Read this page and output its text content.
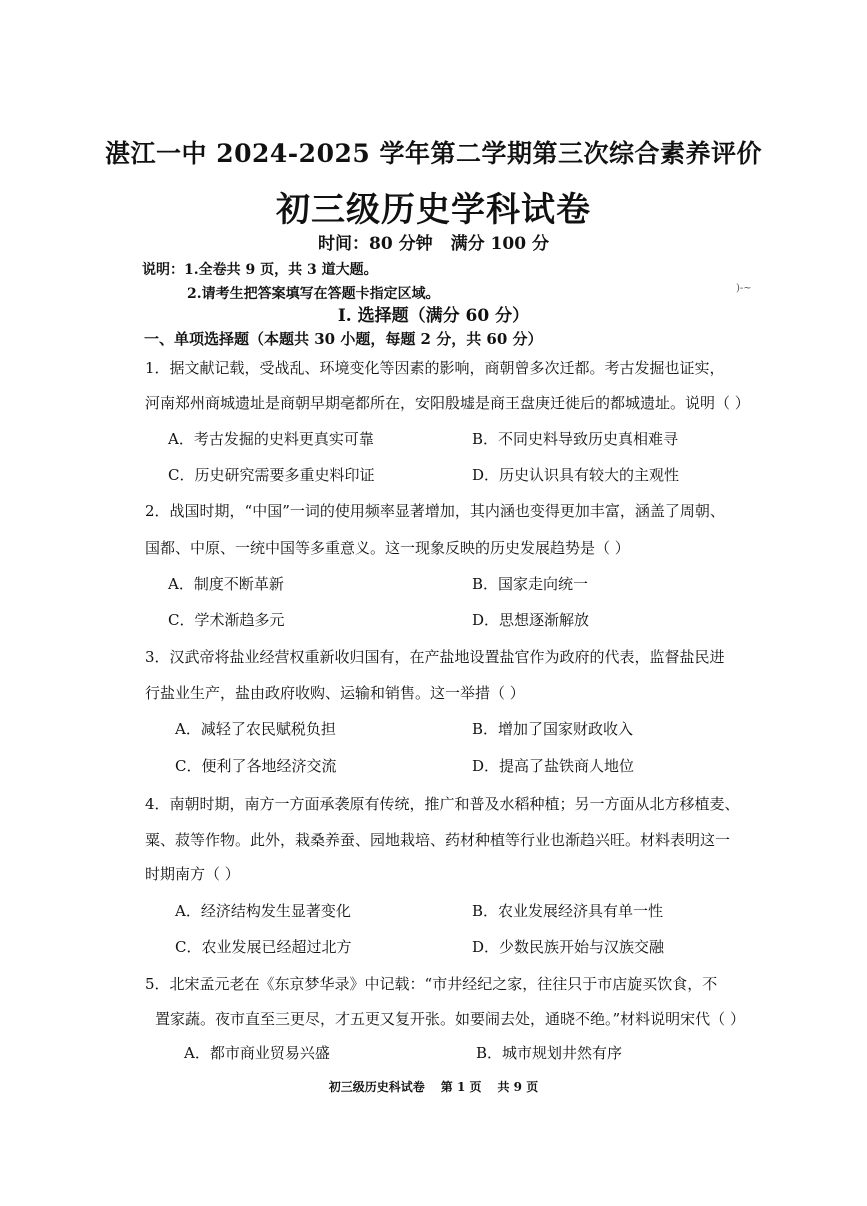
湛江一中 2024-2025 学年第二学期第三次综合素养评价
初三级历史学科试卷
时间：80 分钟 满分 100 分
说明：1.全卷共 9 页，共 3 道大题。
2.请考生把答案填写在答题卡指定区域。	)-~
I. 选择题（满分 60 分）
一、单项选择题（本题共 30 小题，每题 2 分，共 60 分）
1．据文献记载，受战乱、环境变化等因素的影响，商朝曾多次迁都。考古发掘也证实，
河南郑州商城遗址是商朝早期亳都所在，安阳殷墟是商王盘庚迁徙后的都城遗址。说明（ ）
A．考古发掘的史料更真实可靠	B．不同史料导致历史真相难寻
C．历史研究需要多重史料印证	D．历史认识具有较大的主观性
2．战国时期，“中国”一词的使用频率显著增加，其内涵也变得更加丰富，涵盖了周朝、
国都、中原、一统中国等多重意义。这一现象反映的历史发展趋势是（ ）
A．制度不断革新	B．国家走向统一
C．学术渐趋多元	D．思想逐渐解放
3．汉武帝将盐业经营权重新收归国有，在产盐地设置盐官作为政府的代表，监督盐民进
行盐业生产，盐由政府收购、运输和销售。这一举措（ ）
A．减轻了农民赋税负担	B．增加了国家财政收入
C．便利了各地经济交流	D．提高了盐铁商人地位
4．南朝时期，南方一方面承袭原有传统，推广和普及水稻种植；另一方面从北方移植麦、
粟、菽等作物。此外，栽桑养蚕、园地栽培、药材种植等行业也渐趋兴旺。材料表明这一
时期南方（ ）
A．经济结构发生显著变化	B．农业发展经济具有单一性
C．农业发展已经超过北方	D．少数民族开始与汉族交融
5．北宋孟元老在《东京梦华录》中记载：“市井经纪之家，往往只于市店旋买饮食，不
置家蔬。夜市直至三更尽，才五更又复开张。如要闹去处，通晓不绝。”材料说明宋代（ ）
A．都市商业贸易兴盛	B．城市规划井然有序
初三级历史科试卷 第 1 页 共 9 页
